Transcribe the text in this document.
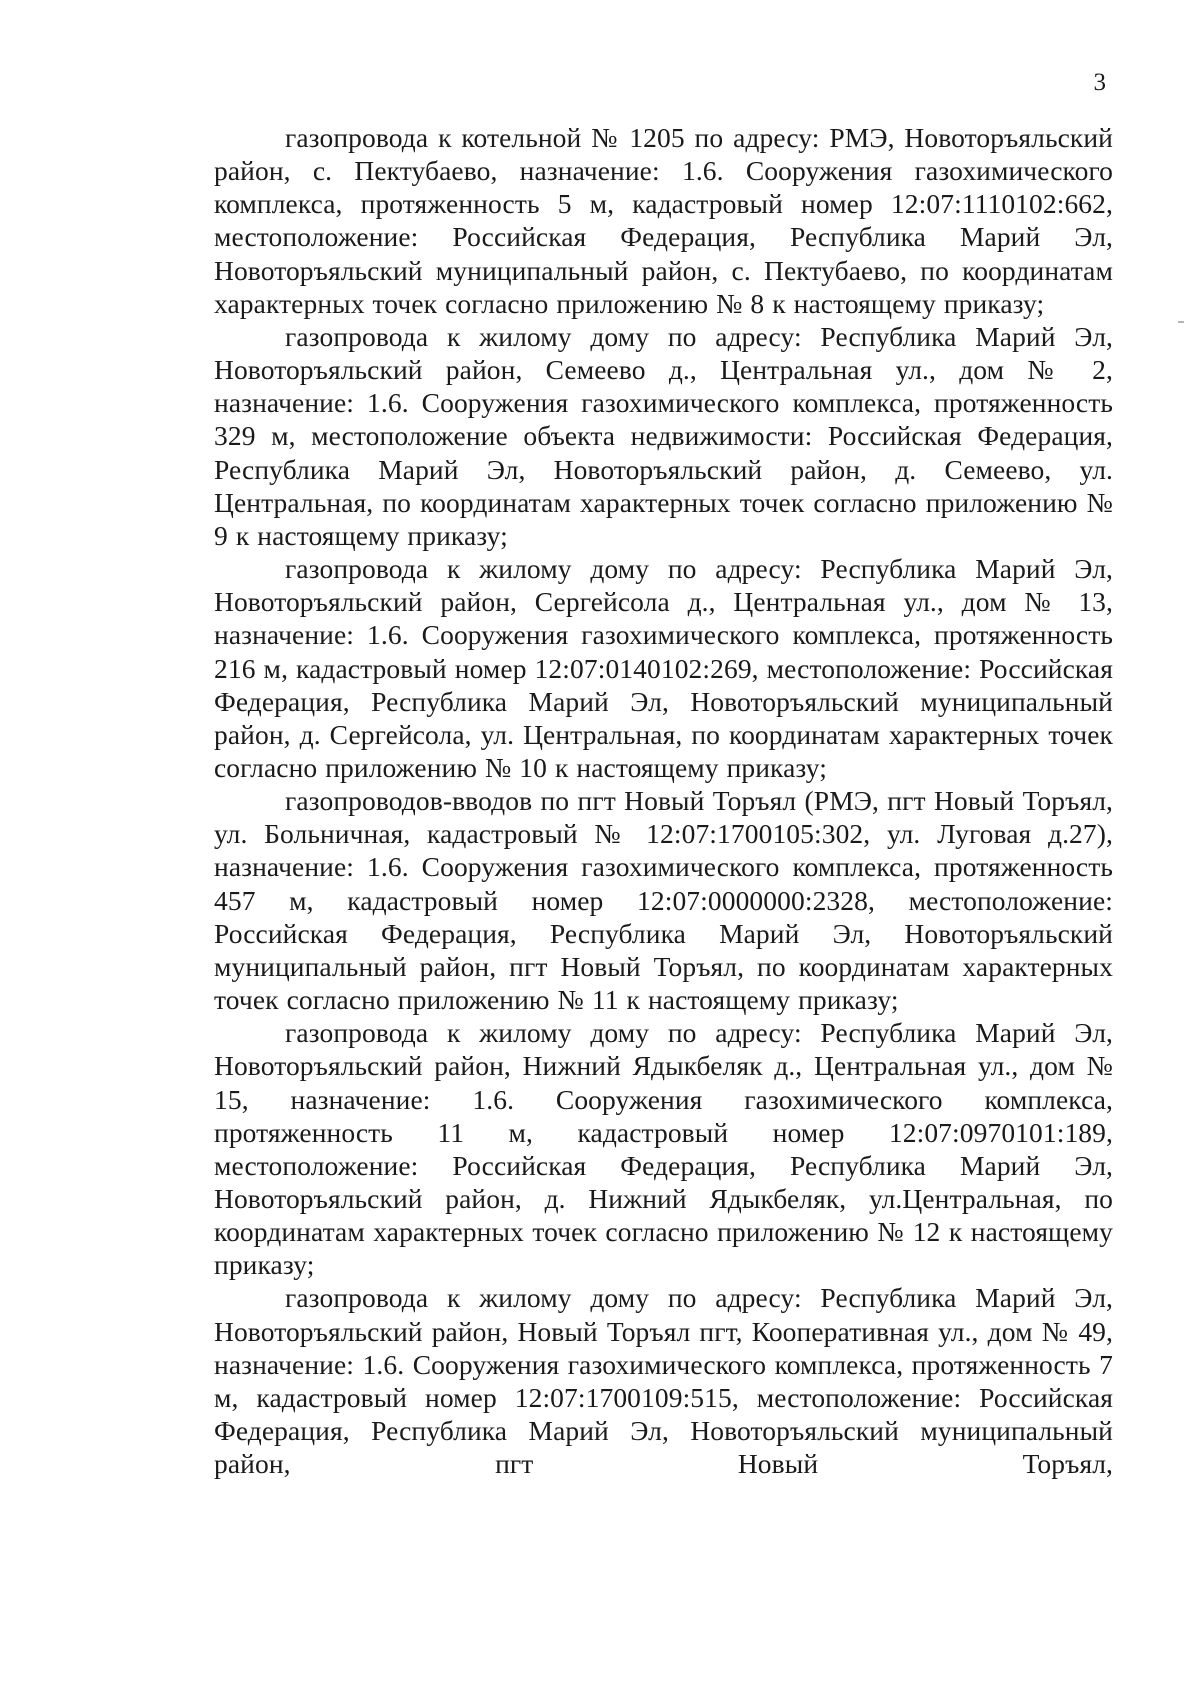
3

газопровода к котельной № 1205 по адресу: РМЭ, Новоторъяльский район, с. Пектубаево, назначение: 1.6. Сооружения газохимического комплекса, протяженность 5 м, кадастровый номер 12:07:1110102:662, местоположение: Российская Федерация, Республика Марий Эл, Новоторъяльский муниципальный район, с. Пектубаево, по координатам характерных точек согласно приложению № 8 к настоящему приказу;

газопровода к жилому дому по адресу: Республика Марий Эл, Новоторъяльский район, Семеево д., Центральная ул., дом № 2, назначение: 1.6. Сооружения газохимического комплекса, протяженность 329 м, местоположение объекта недвижимости: Российская Федерация, Республика Марий Эл, Новоторъяльский район, д. Семеево, ул. Центральная, по координатам характерных точек согласно приложению № 9 к настоящему приказу;

газопровода к жилому дому по адресу: Республика Марий Эл, Новоторъяльский район, Сергейсола д., Центральная ул., дом № 13, назначение: 1.6. Сооружения газохимического комплекса, протяженность 216 м, кадастровый номер 12:07:0140102:269, местоположение: Российская Федерация, Республика Марий Эл, Новоторъяльский муниципальный район, д. Сергейсола, ул. Центральная, по координатам характерных точек согласно приложению № 10 к настоящему приказу;

газопроводов-вводов по пгт Новый Торъял (РМЭ, пгт Новый Торъял, ул. Больничная, кадастровый № 12:07:1700105:302, ул. Луговая д.27), назначение: 1.6. Сооружения газохимического комплекса, протяженность 457 м, кадастровый номер 12:07:0000000:2328, местоположение: Российская Федерация, Республика Марий Эл, Новоторъяльский муниципальный район, пгт Новый Торъял, по координатам характерных точек согласно приложению № 11 к настоящему приказу;

газопровода к жилому дому по адресу: Республика Марий Эл, Новоторъяльский район, Нижний Ядыкбеляк д., Центральная ул., дом № 15, назначение: 1.6. Сооружения газохимического комплекса, протяженность 11 м, кадастровый номер 12:07:0970101:189, местоположение: Российская Федерация, Республика Марий Эл, Новоторъяльский район, д. Нижний Ядыкбеляк, ул.Центральная, по координатам характерных точек согласно приложению № 12 к настоящему приказу;

газопровода к жилому дому по адресу: Республика Марий Эл, Новоторъяльский район, Новый Торъял пгт, Кооперативная ул., дом № 49, назначение: 1.6. Сооружения газохимического комплекса, протяженность 7 м, кадастровый номер 12:07:1700109:515, местоположение: Российская Федерация, Республика Марий Эл, Новоторъяльский муниципальный район, пгт Новый Торъял,
